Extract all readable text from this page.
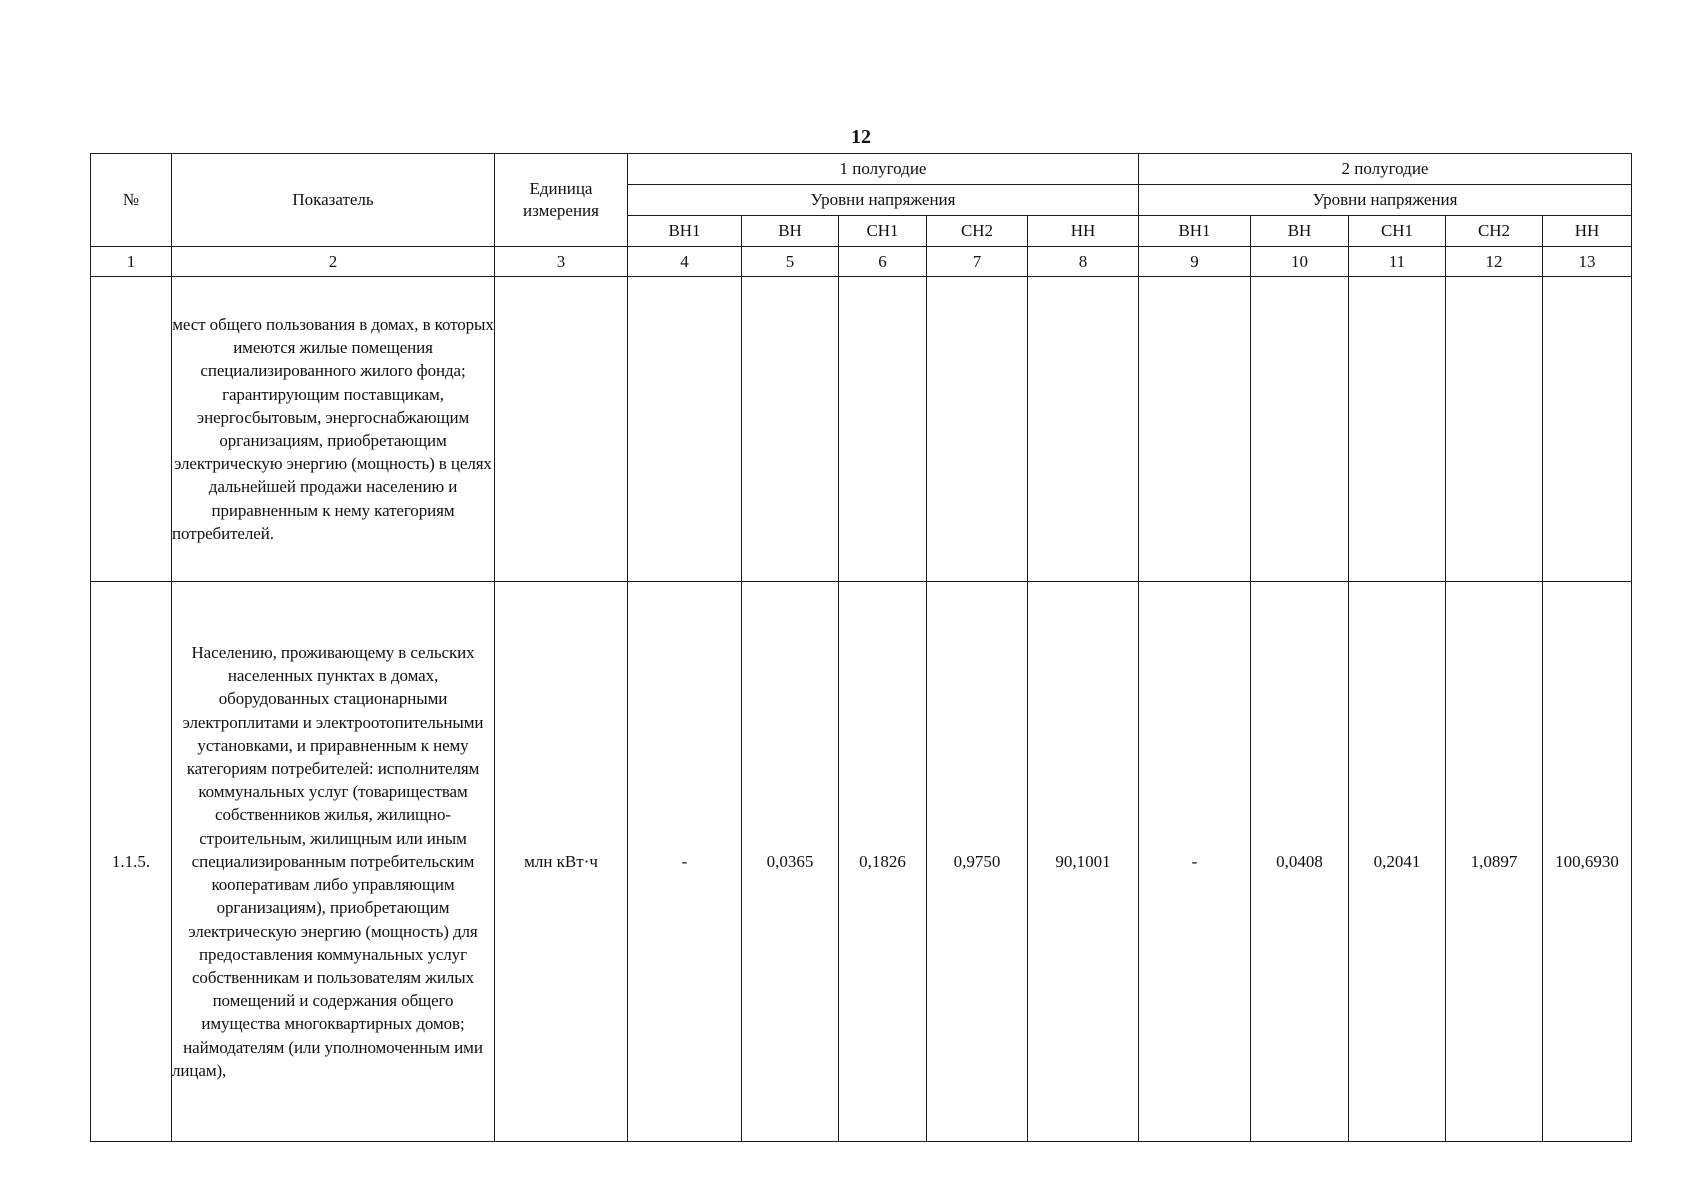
12
№	Показатель	Единица измерения	1 полугодие					2 полугодие				
			Уровни напряжения					Уровни напряжения				
			ВН1	ВН	СН1	СН2	НН	ВН1	ВН	СН1	СН2	НН
1	2	3	4	5	6	7	8	9	10	11	12	13
	мест общего пользования в домах, в которых имеются жилые помещения специализированного жилого фонда; гарантирующим поставщикам, энергосбытовым, энергоснабжающим организациям, приобретающим электрическую энергию (мощность) в целях дальнейшей продажи населению и приравненным к нему категориям потребителей.											
1.1.5.	Населению, проживающему в сельских населенных пунктах в домах, оборудованных стационарными электроплитами и электроотопительными установками, и приравненным к нему категориям потребителей: исполнителям коммунальных услуг (товариществам собственников жилья, жилищно-строительным, жилищным или иным специализированным потребительским кооперативам либо управляющим организациям), приобретающим электрическую энергию (мощность) для предоставления коммунальных услуг собственникам и пользователям жилых помещений и содержания общего имущества многоквартирных домов; наймодателям (или уполномоченным ими лицам),	млн кВт·ч	-	0,0365	0,1826	0,9750	90,1001	-	0,0408	0,2041	1,0897	100,6930
